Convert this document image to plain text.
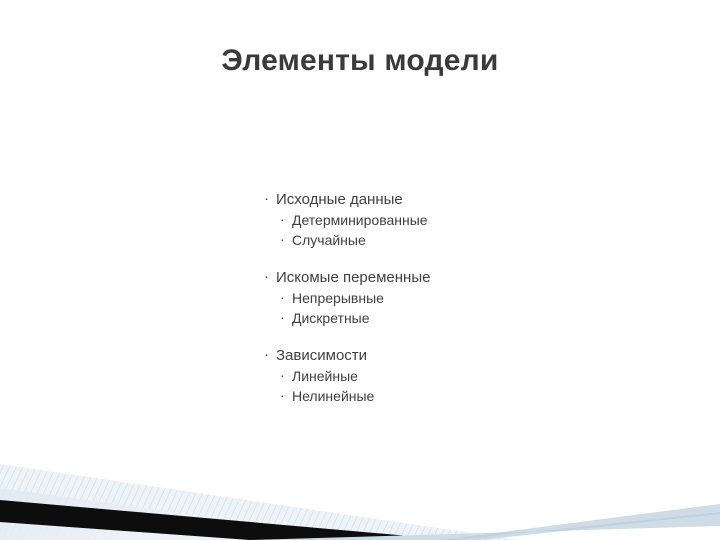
Элементы модели
· Исходные данные
· Детерминированные
· Случайные
· Искомые переменные
· Непрерывные
· Дискретные
· Зависимости
· Линейные
· Нелинейные
